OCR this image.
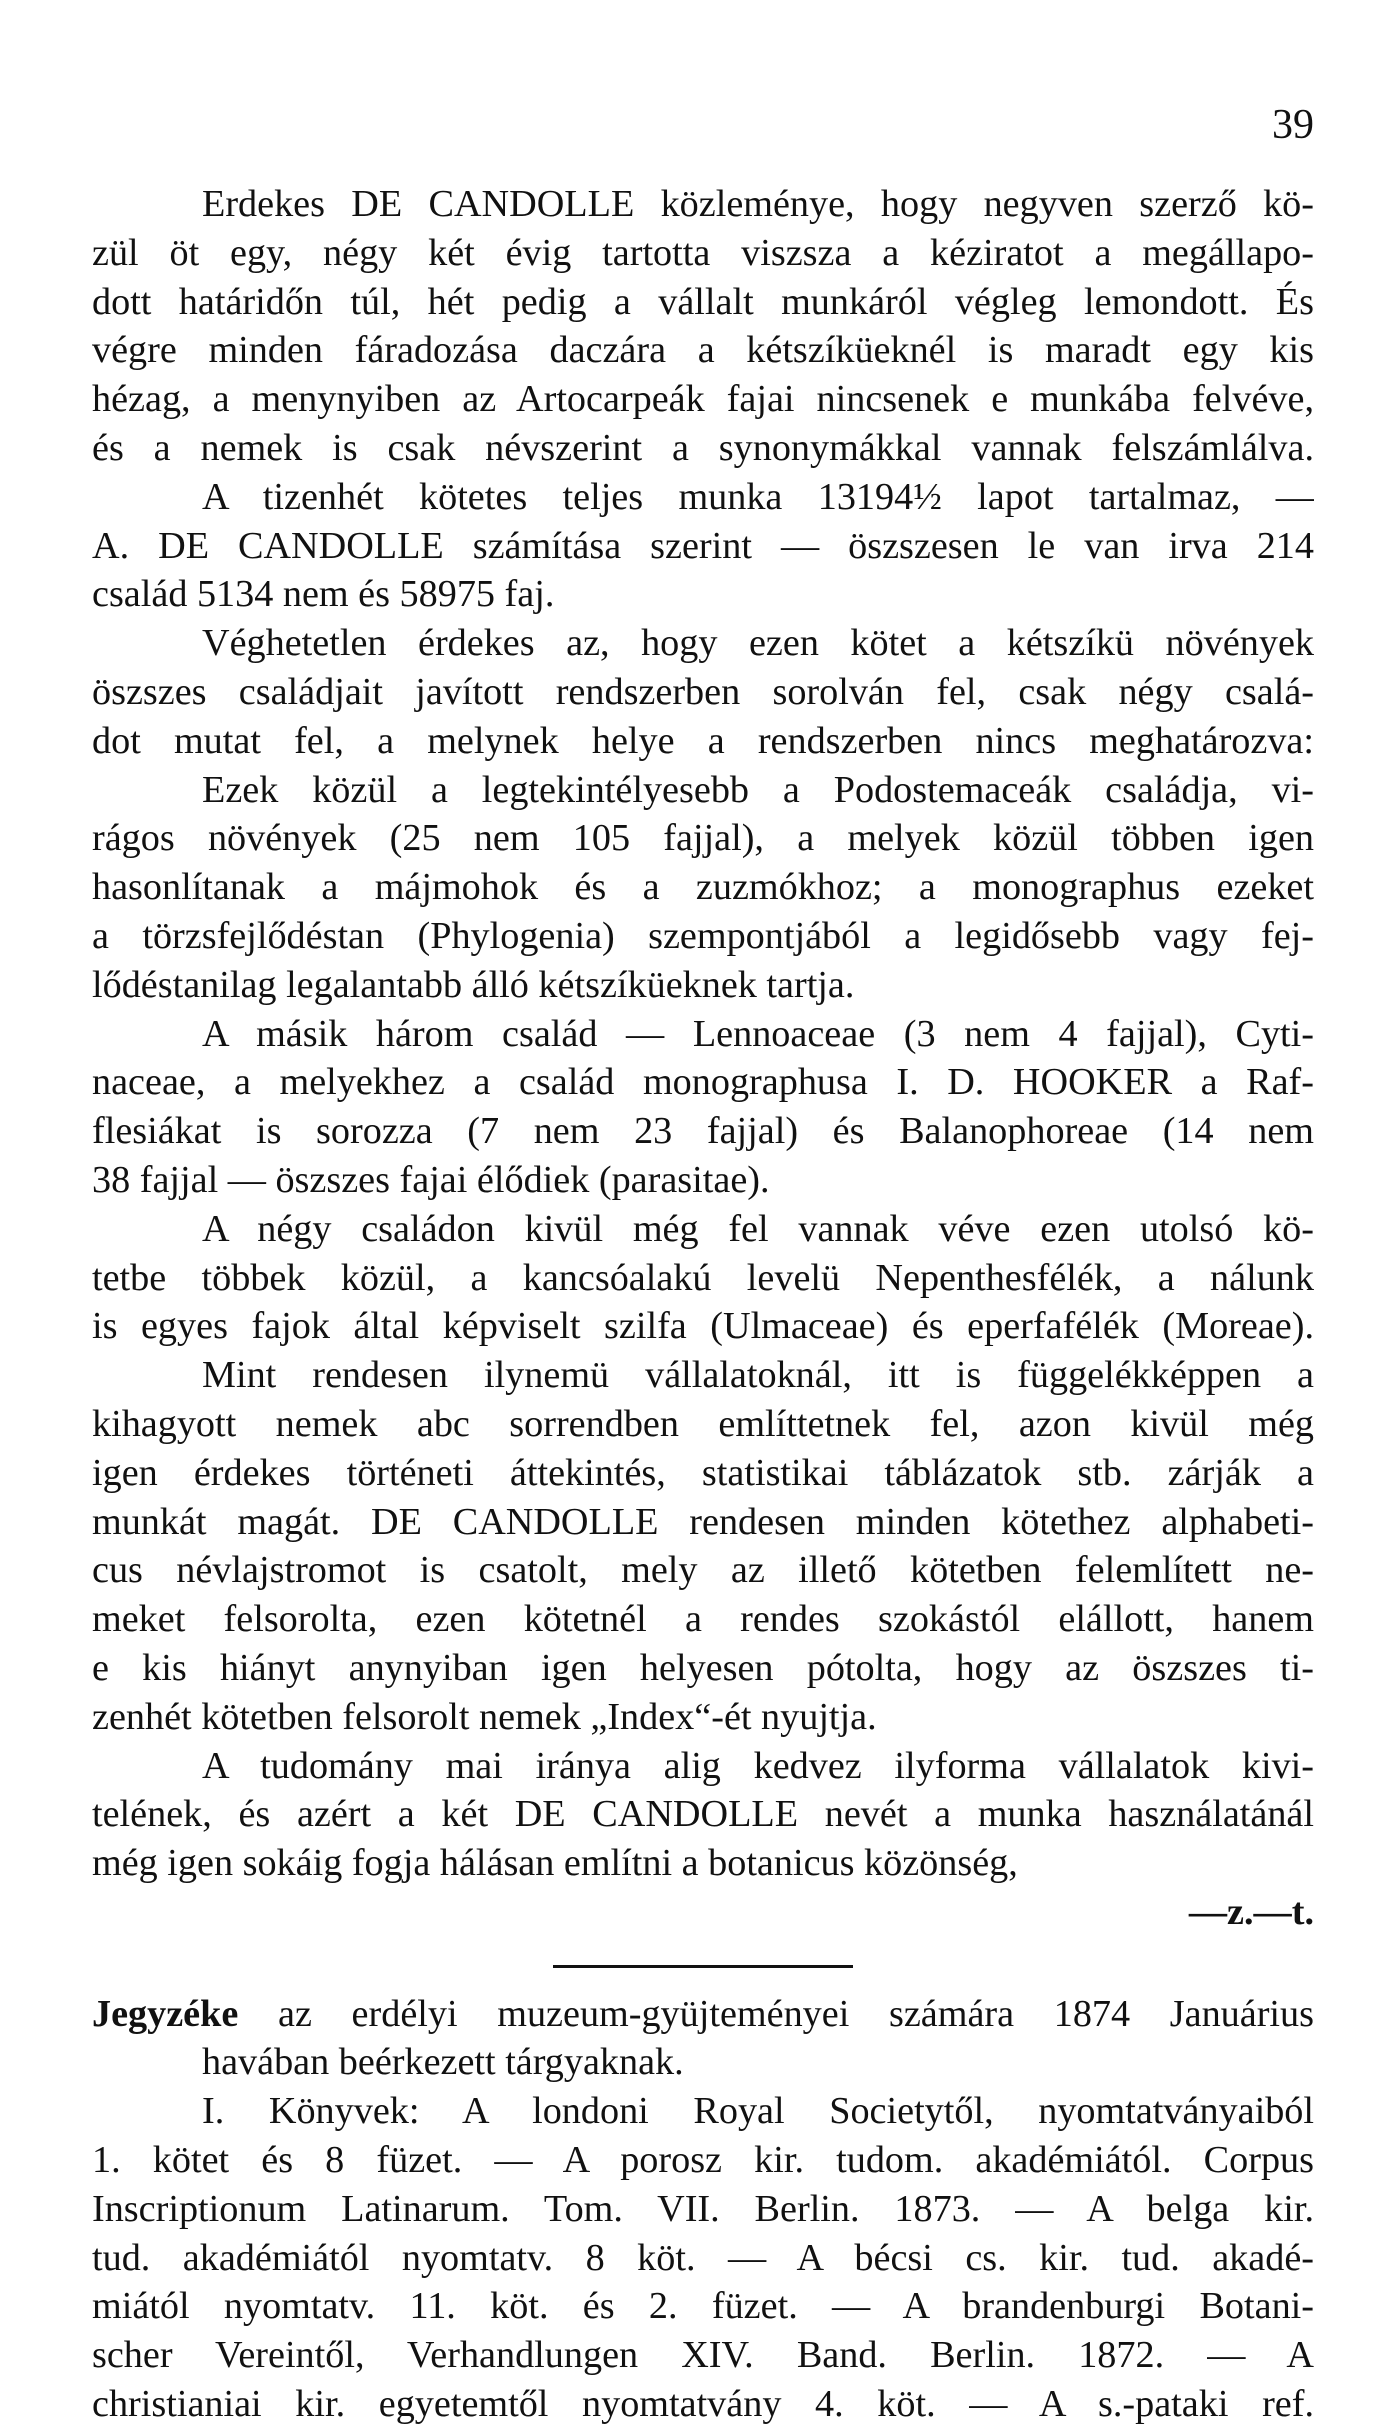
39
Erdekes DE CANDOLLE közleménye, hogy negyven szerző kö-
zül öt egy, négy két évig tartotta viszsza a kéziratot a megállapo-
dott határidőn túl, hét pedig a vállalt munkáról végleg lemondott. És
végre minden fáradozása daczára a kétszíküeknél is maradt egy kis
hézag, a menynyiben az Artocarpeák fajai nincsenek e munkába felvéve,
és a nemek is csak névszerint a synonymákkal vannak felszámlálva.
A tizenhét kötetes teljes munka 13194½ lapot tartalmaz, —
A. DE CANDOLLE számítása szerint — öszszesen le van irva 214
család 5134 nem és 58975 faj.
Véghetetlen érdekes az, hogy ezen kötet a kétszíkü növények
öszszes családjait javított rendszerben sorolván fel, csak négy csalá-
dot mutat fel, a melynek helye a rendszerben nincs meghatározva:
Ezek közül a legtekintélyesebb a Podostemaceák családja, vi-
rágos növények (25 nem 105 fajjal), a melyek közül többen igen
hasonlítanak a májmohok és a zuzmókhoz; a monographus ezeket
a törzsfejlődéstan (Phylogenia) szempontjából a legidősebb vagy fej-
lődéstanilag legalantabb álló kétszíküeknek tartja.
A másik három család — Lennoaceae (3 nem 4 fajjal), Cyti-
naceae, a melyekhez a család monographusa I. D. HOOKER a Raf-
flesiákat is sorozza (7 nem 23 fajjal) és Balanophoreae (14 nem
38 fajjal — öszszes fajai élődiek (parasitae).
A négy családon kivül még fel vannak véve ezen utolsó kö-
tetbe többek közül, a kancsóalakú levelü Nepenthesfélék, a nálunk
is egyes fajok által képviselt szilfa (Ulmaceae) és eperfafélék (Moreae).
Mint rendesen ilynemü vállalatoknál, itt is függelékképpen a
kihagyott nemek abc sorrendben említtetnek fel, azon kivül még
igen érdekes történeti áttekintés, statistikai táblázatok stb. zárják a
munkát magát. DE CANDOLLE rendesen minden kötethez alphabeti-
cus névlajstromot is csatolt, mely az illető kötetben felemlített ne-
meket felsorolta, ezen kötetnél a rendes szokástól elállott, hanem
e kis hiányt anynyiban igen helyesen pótolta, hogy az öszszes ti-
zenhét kötetben felsorolt nemek „Index“-ét nyujtja.
A tudomány mai iránya alig kedvez ilyforma vállalatok kivi-
telének, és azért a két DE CANDOLLE nevét a munka használatánál
még igen sokáig fogja hálásan említni a botanicus közönség,
—z.—t.
Jegyzéke az erdélyi muzeum-gyüjteményei számára 1874 Januárius
havában beérkezett tárgyaknak.
I. Könyvek: A londoni Royal Societytől, nyomtatványaiból
1. kötet és 8 füzet. — A porosz kir. tudom. akadémiától. Corpus
Inscriptionum Latinarum. Tom. VII. Berlin. 1873. — A belga kir.
tud. akadémiától nyomtatv. 8 köt. — A bécsi cs. kir. tud. akadé-
miától nyomtatv. 11. köt. és 2. füzet. — A brandenburgi Botani-
scher Vereintől, Verhandlungen XIV. Band. Berlin. 1872. — A
christianiai kir. egyetemtől nyomtatvány 4. köt. — A s.-pataki ref.
